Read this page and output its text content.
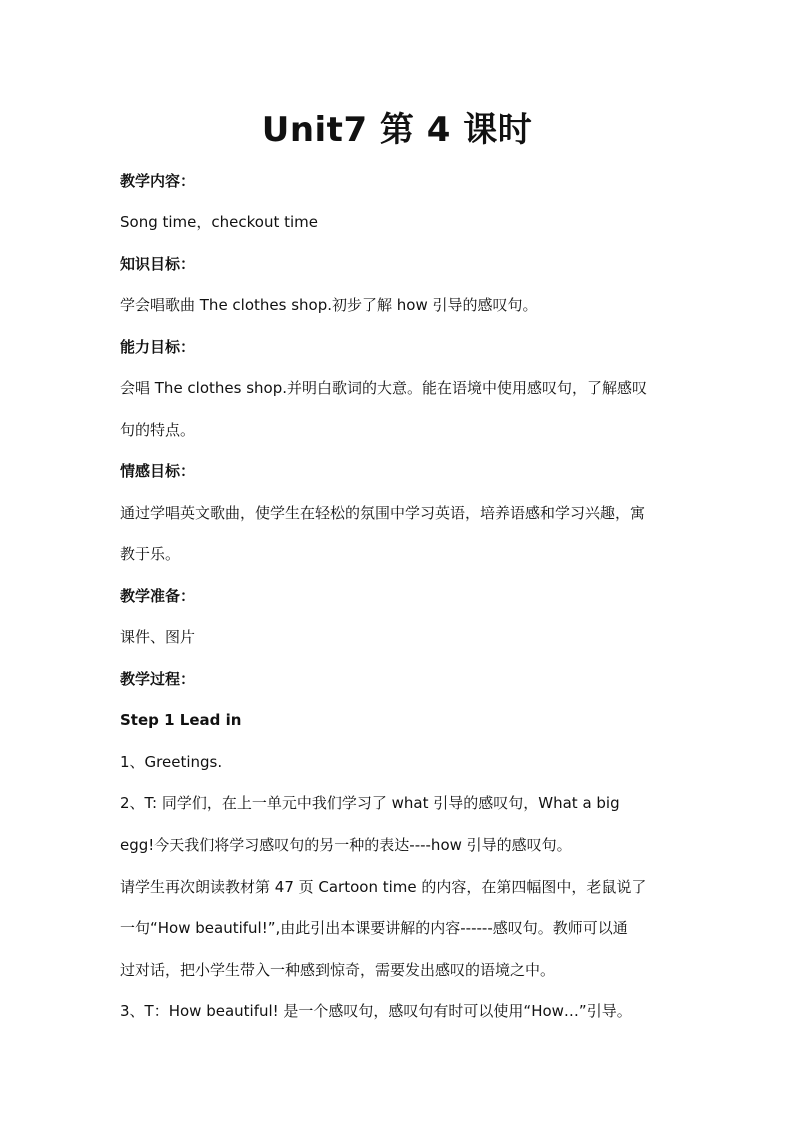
Unit7 第 4 课时
教学内容：
Song time，checkout time
知识目标：
学会唱歌曲 The clothes shop.初步了解 how 引导的感叹句。
能力目标：
会唱 The clothes shop.并明白歌词的大意。能在语境中使用感叹句，了解感叹
句的特点。
情感目标：
通过学唱英文歌曲，使学生在轻松的氛围中学习英语，培养语感和学习兴趣，寓
教于乐。
教学准备：
课件、图片
教学过程：
Step 1 Lead in
1、Greetings.
2、T: 同学们，在上一单元中我们学习了 what 引导的感叹句，What a big
egg!今天我们将学习感叹句的另一种的表达----how 引导的感叹句。
请学生再次朗读教材第 47 页 Cartoon time 的内容，在第四幅图中，老鼠说了
一句“How beautiful!”,由此引出本课要讲解的内容------感叹句。教师可以通
过对话，把小学生带入一种感到惊奇，需要发出感叹的语境之中。
3、T：How beautiful! 是一个感叹句，感叹句有时可以使用“How…”引导。
